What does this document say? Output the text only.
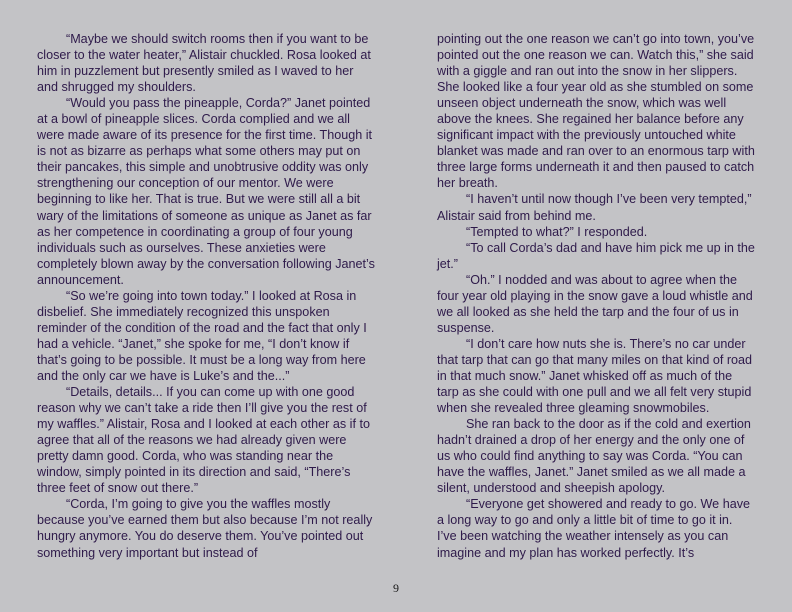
“Maybe we should switch rooms then if you want to be closer to the water heater,” Alistair chuckled. Rosa looked at him in puzzlement but presently smiled as I waved to her and shrugged my shoulders.

“Would you pass the pineapple, Corda?” Janet pointed at a bowl of pineapple slices. Corda complied and we all were made aware of its presence for the first time. Though it is not as bizarre as perhaps what some others may put on their pancakes, this simple and unobtrusive oddity was only strengthening our conception of our mentor. We were beginning to like her. That is true. But we were still all a bit wary of the limitations of someone as unique as Janet as far as her competence in coordinating a group of four young individuals such as ourselves. These anxieties were completely blown away by the conversation following Janet’s announcement.

“So we’re going into town today.” I looked at Rosa in disbelief. She immediately recognized this unspoken reminder of the condition of the road and the fact that only I had a vehicle. “Janet,” she spoke for me, “I don’t know if that’s going to be possible. It must be a long way from here and the only car we have is Luke’s and the...”

“Details, details... If you can come up with one good reason why we can’t take a ride then I’ll give you the rest of my waffles.” Alistair, Rosa and I looked at each other as if to agree that all of the reasons we had already given were pretty damn good. Corda, who was standing near the window, simply pointed in its direction and said, “There’s three feet of snow out there.”

“Corda, I’m going to give you the waffles mostly because you’ve earned them but also because I’m not really hungry anymore. You do deserve them. You’ve pointed out something very important but instead of

pointing out the one reason we can’t go into town, you’ve pointed out the one reason we can. Watch this,” she said with a giggle and ran out into the snow in her slippers. She looked like a four year old as she stumbled on some unseen object underneath the snow, which was well above the knees. She regained her balance before any significant impact with the previously untouched white blanket was made and ran over to an enormous tarp with three large forms underneath it and then paused to catch her breath.

“I haven’t until now though I’ve been very tempted,” Alistair said from behind me.

“Tempted to what?” I responded.

“To call Corda’s dad and have him pick me up in the jet.”

“Oh.” I nodded and was about to agree when the four year old playing in the snow gave a loud whistle and we all looked as she held the tarp and the four of us in suspense.

“I don’t care how nuts she is. There’s no car under that tarp that can go that many miles on that kind of road in that much snow.” Janet whisked off as much of the tarp as she could with one pull and we all felt very stupid when she revealed three gleaming snowmobiles.

She ran back to the door as if the cold and exertion hadn’t drained a drop of her energy and the only one of us who could find anything to say was Corda. “You can have the waffles, Janet.” Janet smiled as we all made a silent, understood and sheepish apology.

“Everyone get showered and ready to go. We have a long way to go and only a little bit of time to go it in. I’ve been watching the weather intensely as you can imagine and my plan has worked perfectly. It’s

9
